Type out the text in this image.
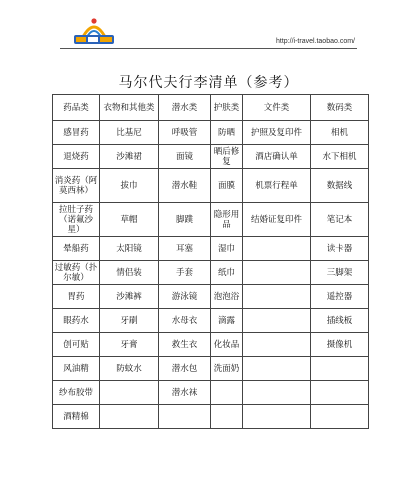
http://i-travel.taobao.com/
马尔代夫行李清单（参考）
药品类	衣物和其他类	潜水类	护肤类	文件类	数码类
感冒药	比基尼	呼吸管	防晒	护照及复印件	相机
退烧药	沙滩裙	面镜	晒后修复	酒店确认单	水下相机
消炎药（阿莫西林）	拔巾	潜水鞋	面膜	机票行程单	数据线
拉肚子药（诺氟沙星）	草帽	脚蹼	隐形用品	结婚证复印件	笔记本
晕船药	太阳镜	耳塞	湿巾		读卡器
过敏药（扑尔敏）	情侣装	手套	纸巾		三脚架
胃药	沙滩裤	游泳镜	泡泡浴		遥控器
眼药水	牙刷	水母衣	滴露		插线板
创可贴	牙膏	救生衣	化妆品		摄像机
风油精	防蚊水	潜水包	洗面奶		
纱布胶带		潜水袜			
酒精棉					
